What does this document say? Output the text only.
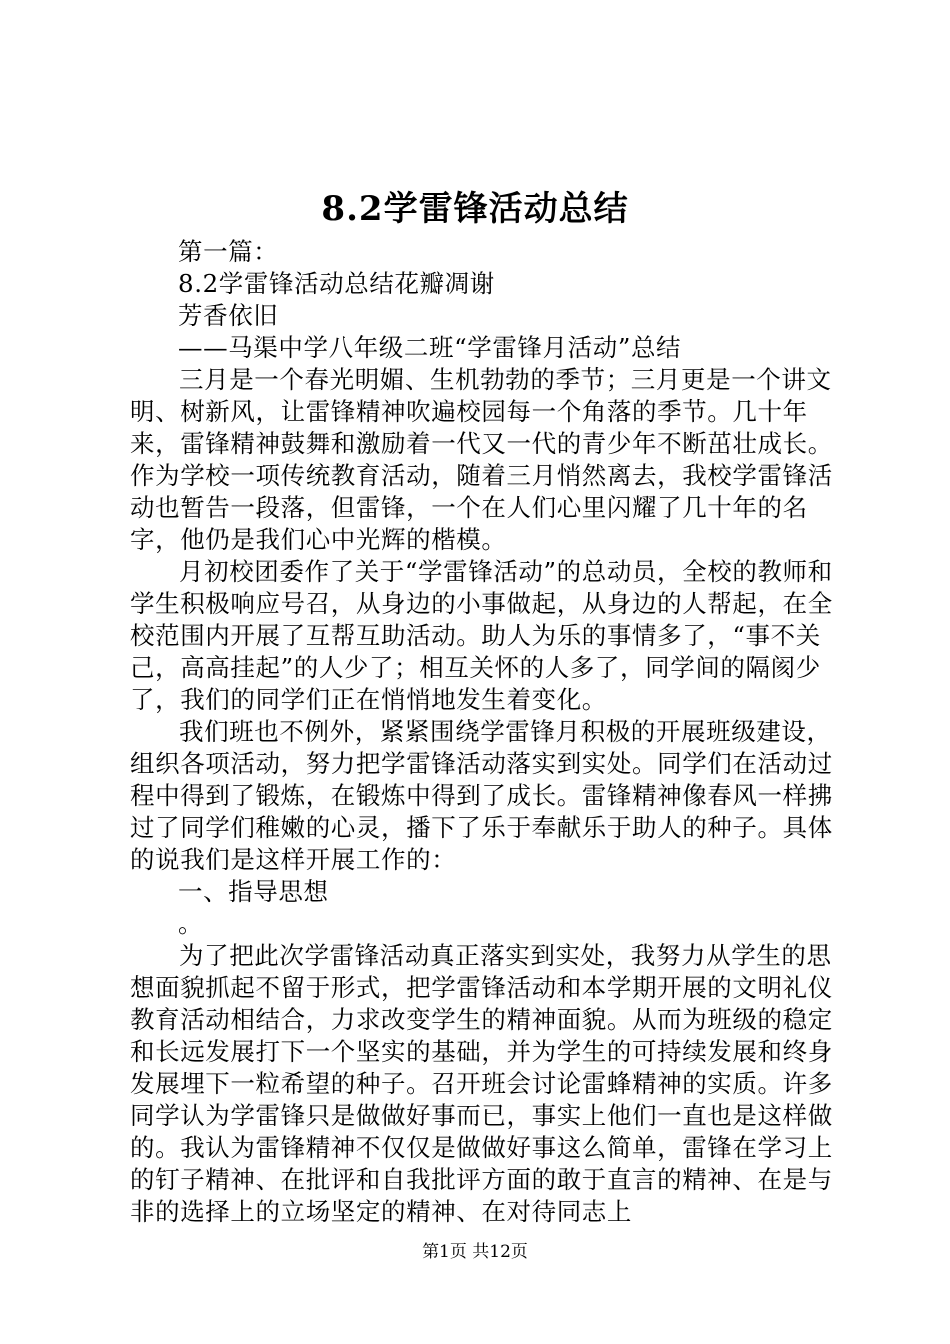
8.2学雷锋活动总结

第一篇：

8.2学雷锋活动总结花瓣凋谢

芳香依旧

——马渠中学八年级二班“学雷锋月活动”总结

三月是一个春光明媚、生机勃勃的季节；三月更是一个讲文明、树新风，让雷锋精神吹遍校园每一个角落的季节。几十年来，雷锋精神鼓舞和激励着一代又一代的青少年不断茁壮成长。作为学校一项传统教育活动，随着三月悄然离去，我校学雷锋活动也暂告一段落，但雷锋，一个在人们心里闪耀了几十年的名字，他仍是我们心中光辉的楷模。

月初校团委作了关于“学雷锋活动”的总动员，全校的教师和学生积极响应号召，从身边的小事做起，从身边的人帮起，在全校范围内开展了互帮互助活动。助人为乐的事情多了，“事不关己，高高挂起”的人少了；相互关怀的人多了，同学间的隔阂少了，我们的同学们正在悄悄地发生着变化。

我们班也不例外，紧紧围绕学雷锋月积极的开展班级建设，组织各项活动，努力把学雷锋活动落实到实处。同学们在活动过程中得到了锻炼，在锻炼中得到了成长。雷锋精神像春风一样拂过了同学们稚嫩的心灵，播下了乐于奉献乐于助人的种子。具体的说我们是这样开展工作的：

一、指导思想

。

为了把此次学雷锋活动真正落实到实处，我努力从学生的思想面貌抓起不留于形式，把学雷锋活动和本学期开展的文明礼仪教育活动相结合，力求改变学生的精神面貌。从而为班级的稳定和长远发展打下一个坚实的基础，并为学生的可持续发展和终身发展埋下一粒希望的种子。召开班会讨论雷蜂精神的实质。许多同学认为学雷锋只是做做好事而已，事实上他们一直也是这样做的。我认为雷锋精神不仅仅是做做好事这么简单，雷锋在学习上的钉子精神、在批评和自我批评方面的敢于直言的精神、在是与非的选择上的立场坚定的精神、在对待同志上

第1页 共12页
